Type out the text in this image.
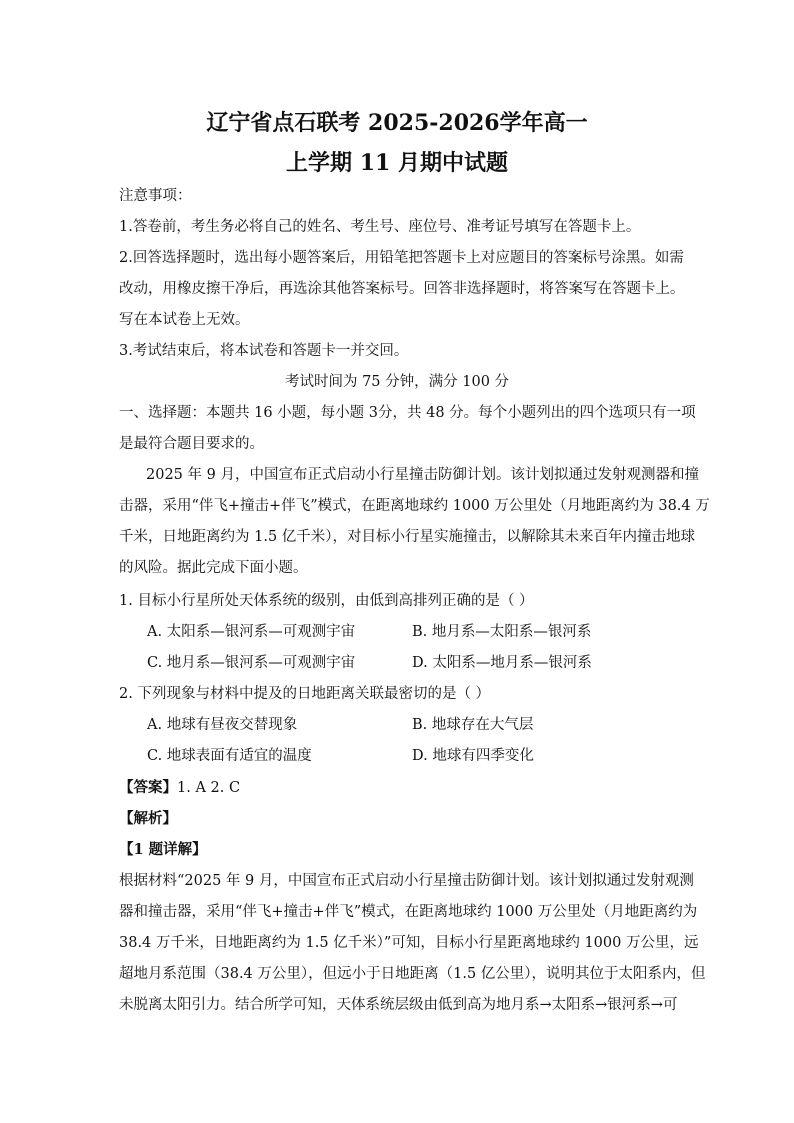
辽宁省点石联考 2025-2026学年高一
上学期 11 月期中试题
注意事项：
1.答卷前，考生务必将自己的姓名、考生号、座位号、准考证号填写在答题卡上。
2.回答选择题时，选出每小题答案后，用铅笔把答题卡上对应题目的答案标号涂黑。如需
改动，用橡皮擦干净后，再选涂其他答案标号。回答非选择题时，将答案写在答题卡上。
写在本试卷上无效。
3.考试结束后，将本试卷和答题卡一并交回。
考试时间为 75 分钟，满分 100 分
一、选择题：本题共 16 小题，每小题 3分，共 48 分。每个小题列出的四个选项只有一项
是最符合题目要求的。
2025 年 9 月，中国宣布正式启动小行星撞击防御计划。该计划拟通过发射观测器和撞
击器，采用“伴飞+撞击+伴飞”模式，在距离地球约 1000 万公里处（月地距离约为 38.4 万
千米，日地距离约为 1.5 亿千米），对目标小行星实施撞击，以解除其未来百年内撞击地球
的风险。据此完成下面小题。
1. 目标小行星所处天体系统的级别，由低到高排列正确的是（ ）
A. 太阳系—银河系—可观测宇宙	B. 地月系—太阳系—银河系
C. 地月系—银河系—可观测宇宙	D. 太阳系—地月系—银河系
2. 下列现象与材料中提及的日地距离关联最密切的是（ ）
A. 地球有昼夜交替现象	B. 地球存在大气层
C. 地球表面有适宜的温度	D. 地球有四季变化
【答案】1. A 2. C
【解析】
【1 题详解】
根据材料“2025 年 9 月，中国宣布正式启动小行星撞击防御计划。该计划拟通过发射观测
器和撞击器，采用“伴飞+撞击+伴飞”模式，在距离地球约 1000 万公里处（月地距离约为
38.4 万千米，日地距离约为 1.5 亿千米）”可知，目标小行星距离地球约 1000 万公里，远
超地月系范围（38.4 万公里），但远小于日地距离（1.5 亿公里），说明其位于太阳系内，但
未脱离太阳引力。结合所学可知，天体系统层级由低到高为地月系→太阳系→银河系→可
